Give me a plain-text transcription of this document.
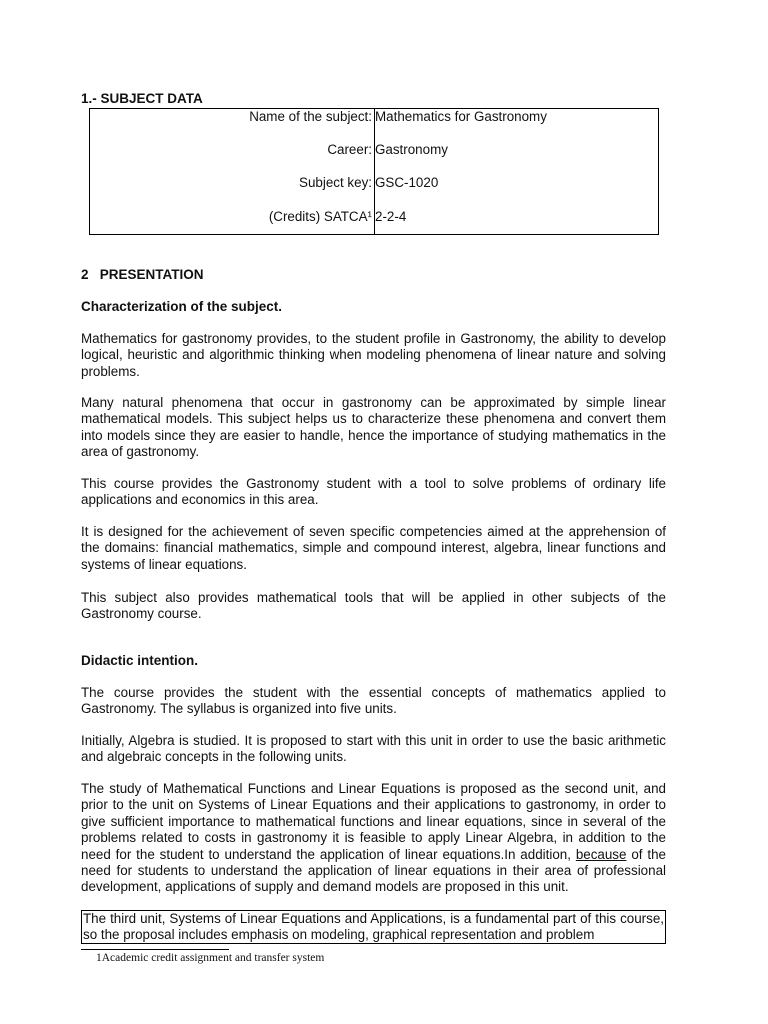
1.- SUBJECT DATA
Name of the subject: Mathematics for Gastronomy
Career: Gastronomy
Subject key: GSC-1020
(Credits) SATCA¹ 2-2-4
2   PRESENTATION
Characterization of the subject.

Mathematics for gastronomy provides, to the student profile in Gastronomy, the ability to develop logical, heuristic and algorithmic thinking when modeling phenomena of linear nature and solving problems.

Many natural phenomena that occur in gastronomy can be approximated by simple linear mathematical models. This subject helps us to characterize these phenomena and convert them into models since they are easier to handle, hence the importance of studying mathematics in the area of gastronomy.

This course provides the Gastronomy student with a tool to solve problems of ordinary life applications and economics in this area.

It is designed for the achievement of seven specific competencies aimed at the apprehension of the domains: financial mathematics, simple and compound interest, algebra, linear functions and systems of linear equations.

This subject also provides mathematical tools that will be applied in other subjects of the Gastronomy course.

Didactic intention.

The course provides the student with the essential concepts of mathematics applied to Gastronomy. The syllabus is organized into five units.

Initially, Algebra is studied. It is proposed to start with this unit in order to use the basic arithmetic and algebraic concepts in the following units.

The study of Mathematical Functions and Linear Equations is proposed as the second unit, and prior to the unit on Systems of Linear Equations and their applications to gastronomy, in order to give sufficient importance to mathematical functions and linear equations, since in several of the problems related to costs in gastronomy it is feasible to apply Linear Algebra, in addition to the need for the student to understand the application of linear equations.In addition, because of the need for students to understand the application of linear equations in their area of professional development, applications of supply and demand models are proposed in this unit.

The third unit, Systems of Linear Equations and Applications, is a fundamental part of this course, so the proposal includes emphasis on modeling, graphical representation and problem

1Academic credit assignment and transfer system
